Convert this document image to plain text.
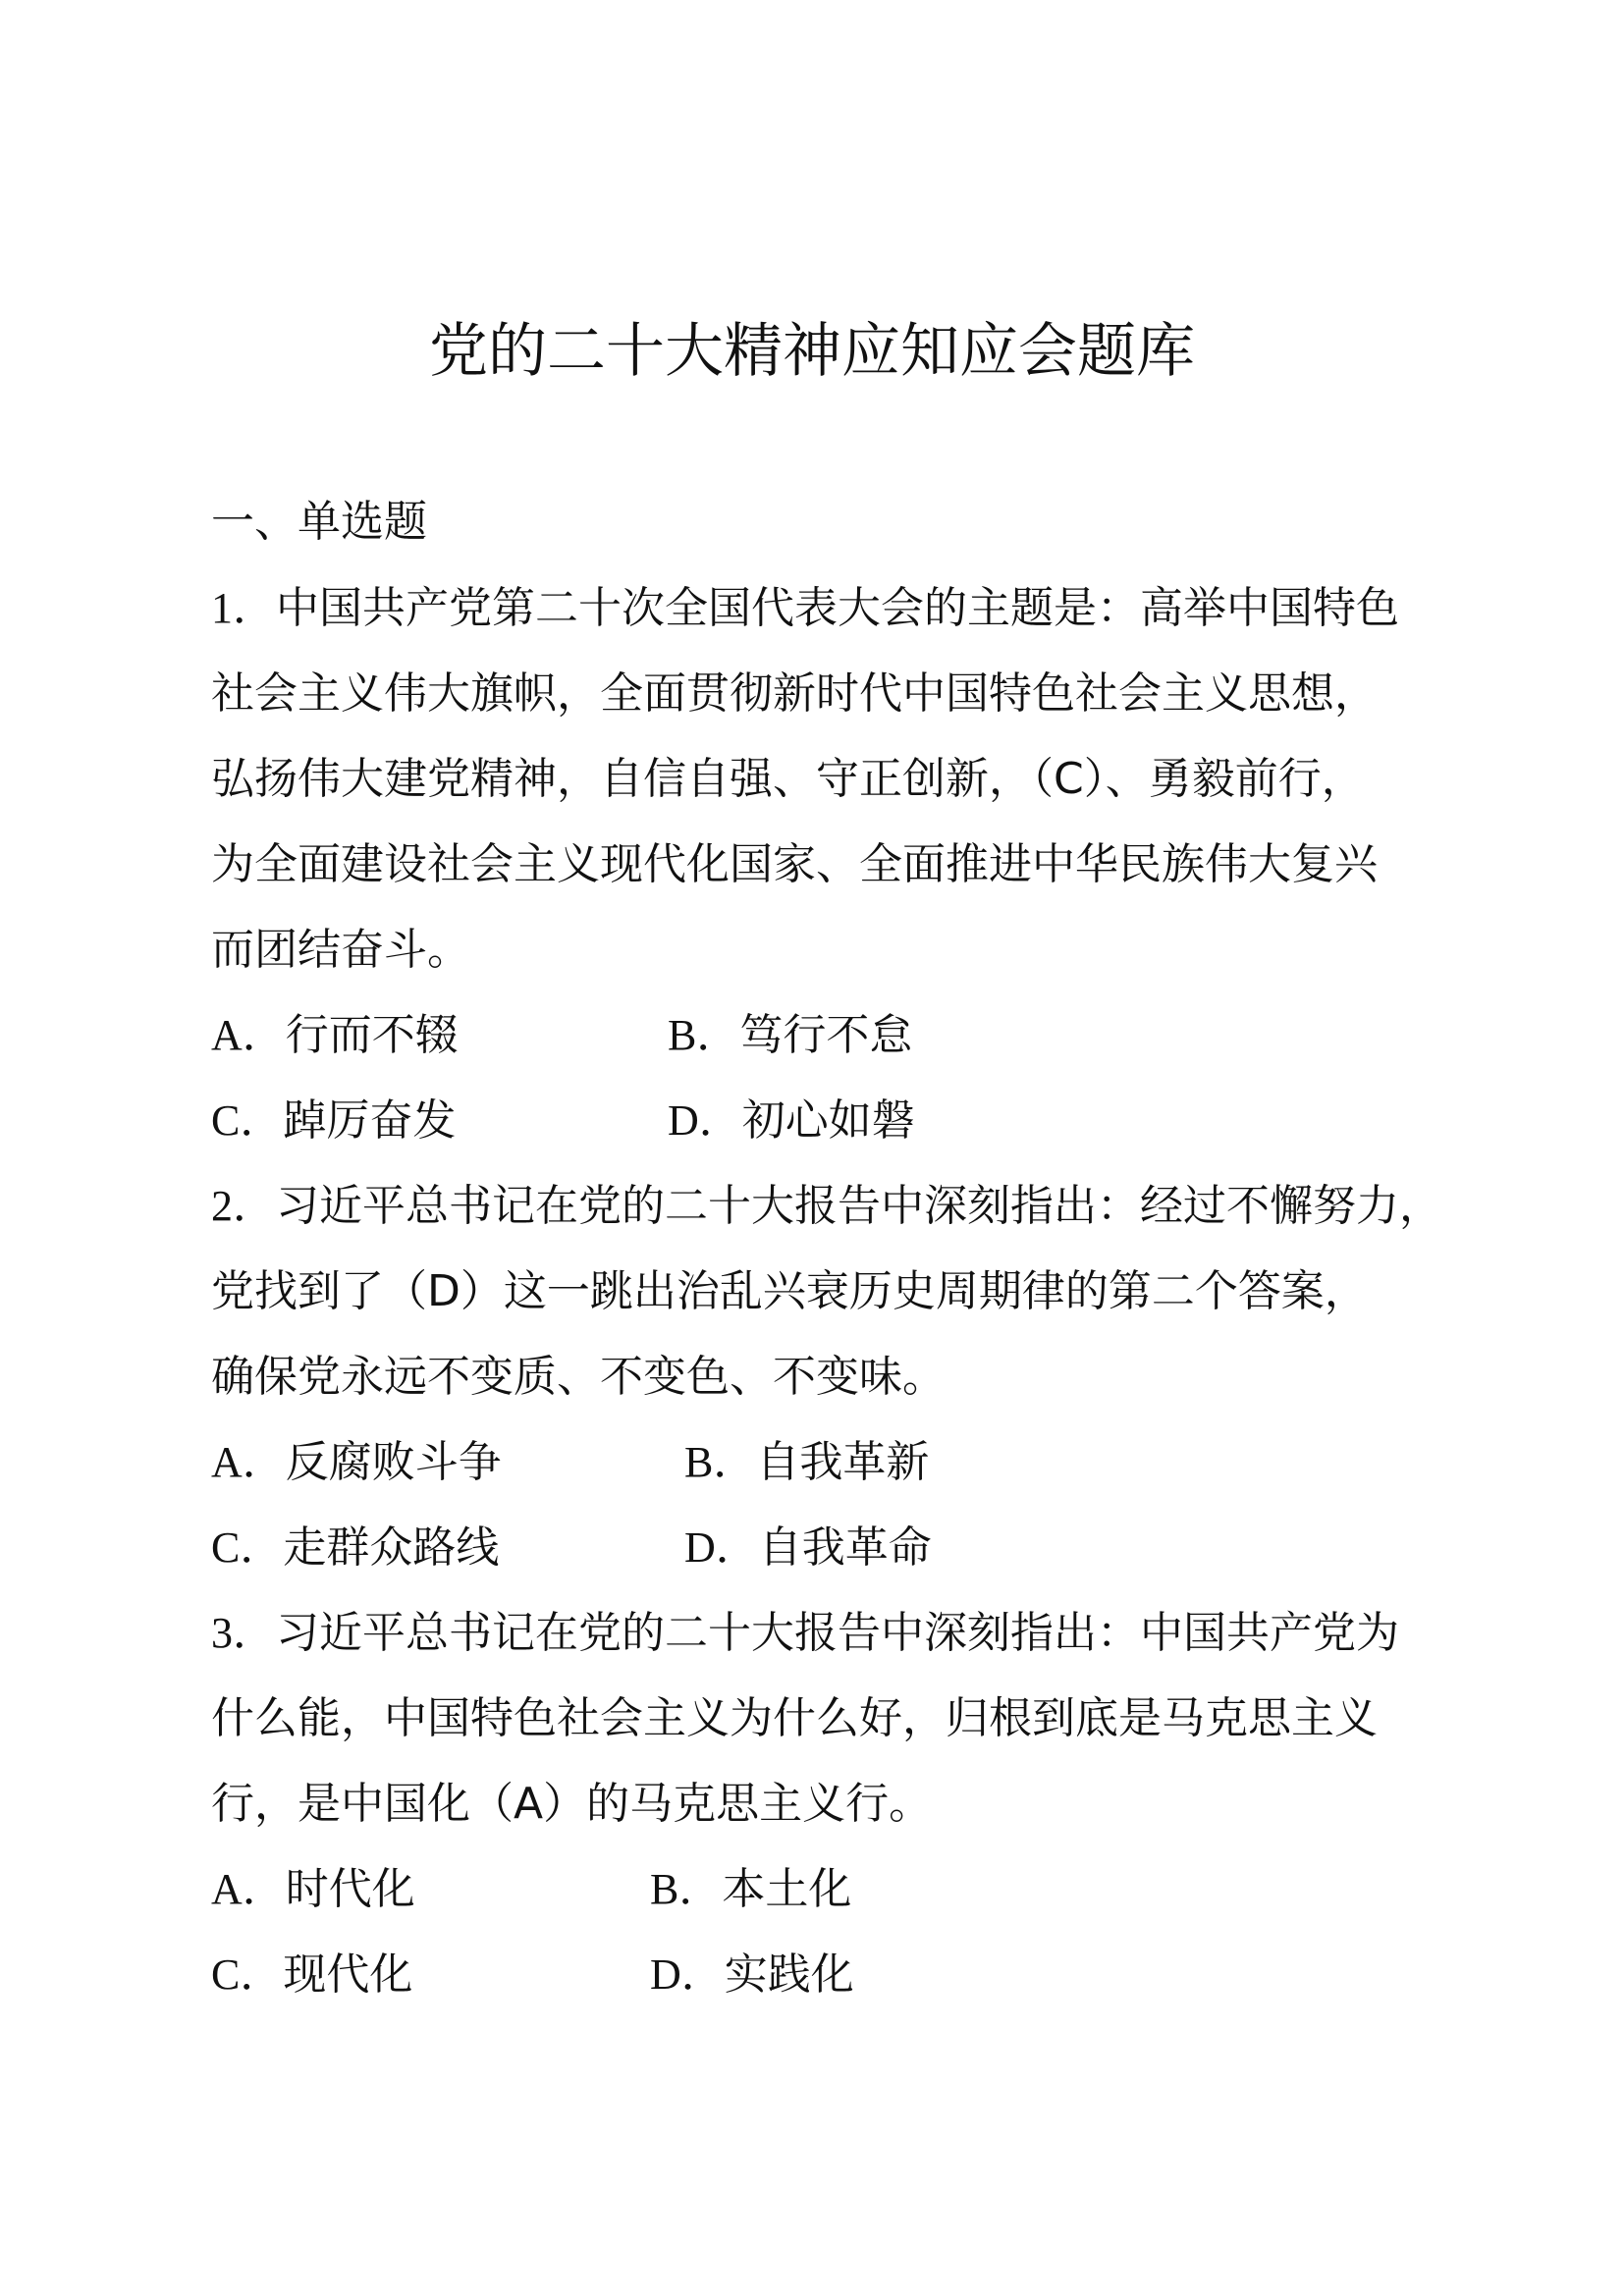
党的二十大精神应知应会题库
一、单选题
1．中国共产党第二十次全国代表大会的主题是：高举中国特色
社会主义伟大旗帜，全面贯彻新时代中国特色社会主义思想，
弘扬伟大建党精神，自信自强、守正创新，（C）、勇毅前行，
为全面建设社会主义现代化国家、全面推进中华民族伟大复兴
而团结奋斗。
A．行而不辍	B．笃行不怠
C．踔厉奋发	D．初心如磐
2．习近平总书记在党的二十大报告中深刻指出：经过不懈努力，
党找到了（D）这一跳出治乱兴衰历史周期律的第二个答案，
确保党永远不变质、不变色、不变味。
A．反腐败斗争	B．自我革新
C．走群众路线	D．自我革命
3．习近平总书记在党的二十大报告中深刻指出：中国共产党为
什么能，中国特色社会主义为什么好，归根到底是马克思主义
行，是中国化（A）的马克思主义行。
A．时代化	B．本土化
C．现代化	D．实践化
